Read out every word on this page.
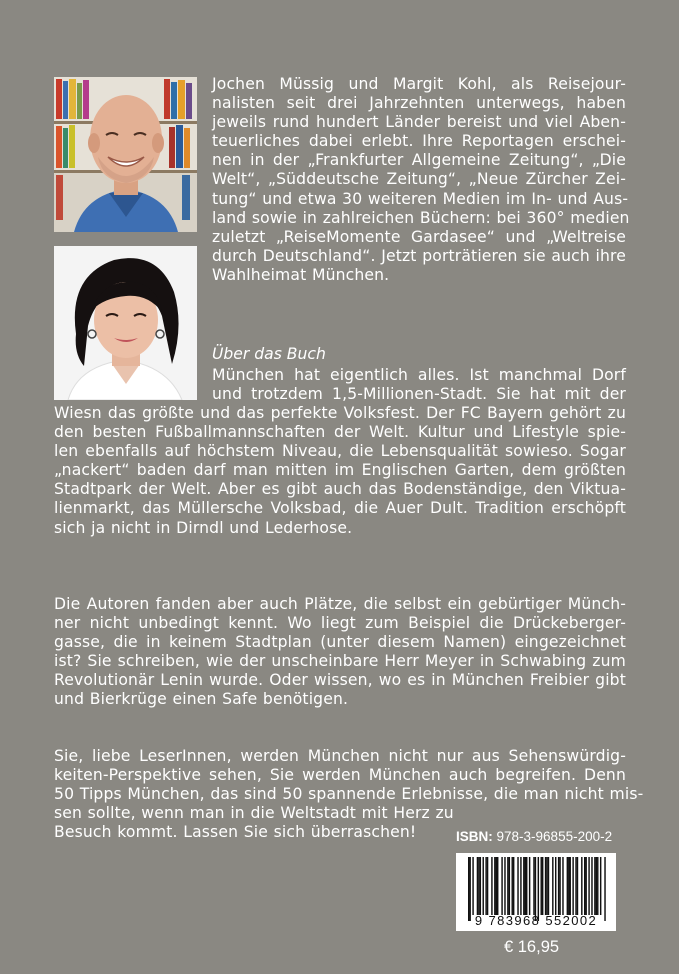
Jochen Müssig und Margit Kohl, als Reisejour-
nalisten seit drei Jahrzehnten unterwegs, haben
jeweils rund hundert Länder bereist und viel Aben-
teuerliches dabei erlebt. Ihre Reportagen erschei-
nen in der „Frankfurter Allgemeine Zeitung“, „Die
Welt“, „Süddeutsche Zeitung“, „Neue Zürcher Zei-
tung“ und etwa 30 weiteren Medien im In- und Aus-
land sowie in zahlreichen Büchern: bei 360° medien
zuletzt „ReiseMomente Gardasee“ und „Weltreise
durch Deutschland“. Jetzt porträtieren sie auch ihre
Wahlheimat München.
Über das Buch
München hat eigentlich alles. Ist manchmal Dorf
und trotzdem 1,5-Millionen-Stadt. Sie hat mit der
Wiesn das größte und das perfekte Volksfest. Der FC Bayern gehört zu
den besten Fußballmannschaften der Welt. Kultur und Lifestyle spie-
len ebenfalls auf höchstem Niveau, die Lebensqualität sowieso. Sogar
„nackert“ baden darf man mitten im Englischen Garten, dem größten
Stadtpark der Welt. Aber es gibt auch das Bodenständige, den Viktua-
lienmarkt, das Müllersche Volksbad, die Auer Dult. Tradition erschöpft
sich ja nicht in Dirndl und Lederhose.
Die Autoren fanden aber auch Plätze, die selbst ein gebürtiger Münch-
ner nicht unbedingt kennt. Wo liegt zum Beispiel die Drückeberger-
gasse, die in keinem Stadtplan (unter diesem Namen) eingezeichnet
ist? Sie schreiben, wie der unscheinbare Herr Meyer in Schwabing zum
Revolutionär Lenin wurde. Oder wissen, wo es in München Freibier gibt
und Bierkrüge einen Safe benötigen.
Sie, liebe LeserInnen, werden München nicht nur aus Sehenswürdig-
keiten-Perspektive sehen, Sie werden München auch begreifen. Denn
50 Tipps München, das sind 50 spannende Erlebnisse, die man nicht mis-
sen sollte, wenn man in die Weltstadt mit Herz zu
Besuch kommt. Lassen Sie sich überraschen!	ISBN: 978-3-96855-200-2
9 783968 552002
€ 16,95
